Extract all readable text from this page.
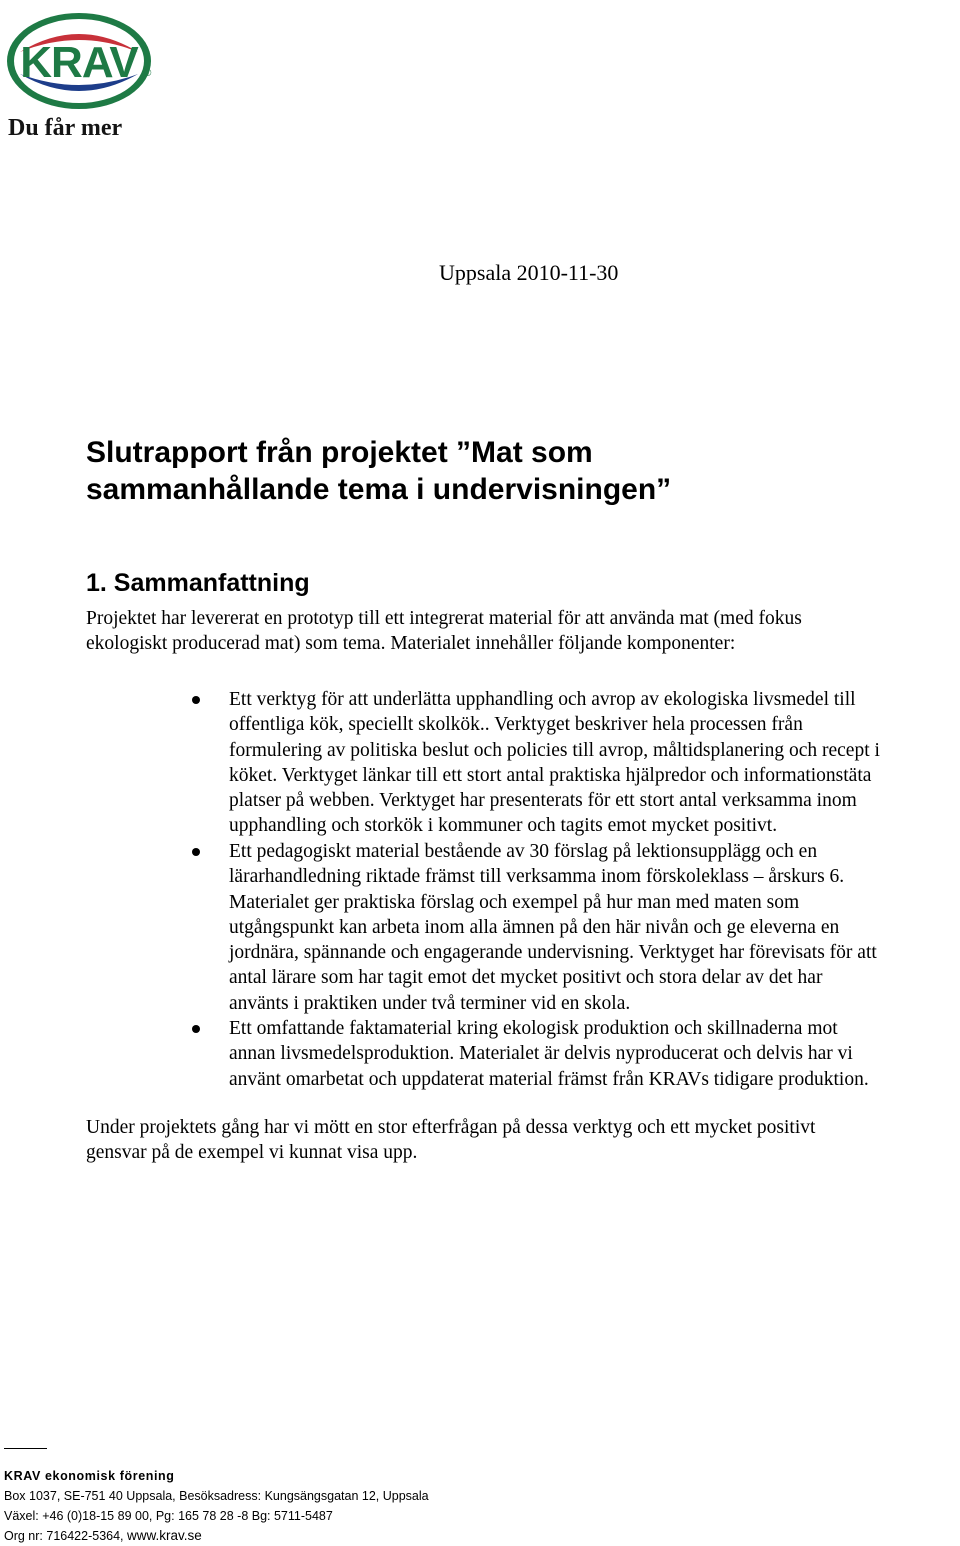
KRAV ®
Du får mer
Uppsala 2010-11-30
Slutrapport från projektet ”Mat som
sammanhållande tema i undervisningen”
1. Sammanfattning
Projektet har levererat en prototyp till ett integrerat material för att använda mat (med fokus
ekologiskt producerad mat) som tema. Materialet innehåller följande komponenter:
Ett verktyg för att underlätta upphandling och avrop av ekologiska livsmedel till
offentliga kök, speciellt skolkök.. Verktyget beskriver hela processen från
formulering av politiska beslut och policies till avrop, måltidsplanering och recept i
köket. Verktyget länkar till ett stort antal praktiska hjälpredor och informationstäta
platser på webben. Verktyget har presenterats för ett stort antal verksamma inom
upphandling och storkök i kommuner och tagits emot mycket positivt.
Ett pedagogiskt material bestående av 30 förslag på lektionsupplägg och en
lärarhandledning riktade främst till verksamma inom förskoleklass – årskurs 6.
Materialet ger praktiska förslag och exempel på hur man med maten som
utgångspunkt kan arbeta inom alla ämnen på den här nivån och ge eleverna en
jordnära, spännande och engagerande undervisning. Verktyget har förevisats för att
antal lärare som har tagit emot det mycket positivt och stora delar av det har
använts i praktiken under två terminer vid en skola.
Ett omfattande faktamaterial kring ekologisk produktion och skillnaderna mot
annan livsmedelsproduktion. Materialet är delvis nyproducerat och delvis har vi
använt omarbetat och uppdaterat material främst från KRAVs tidigare produktion.
Under projektets gång har vi mött en stor efterfrågan på dessa verktyg och ett mycket positivt
gensvar på de exempel vi kunnat visa upp.
KRAV ekonomisk förening
Box 1037, SE-751 40 Uppsala, Besöksadress: Kungsängsgatan 12, Uppsala
Växel: +46 (0)18-15 89 00, Pg: 165 78 28 -8 Bg: 5711-5487
Org nr: 716422-5364, www.krav.se
